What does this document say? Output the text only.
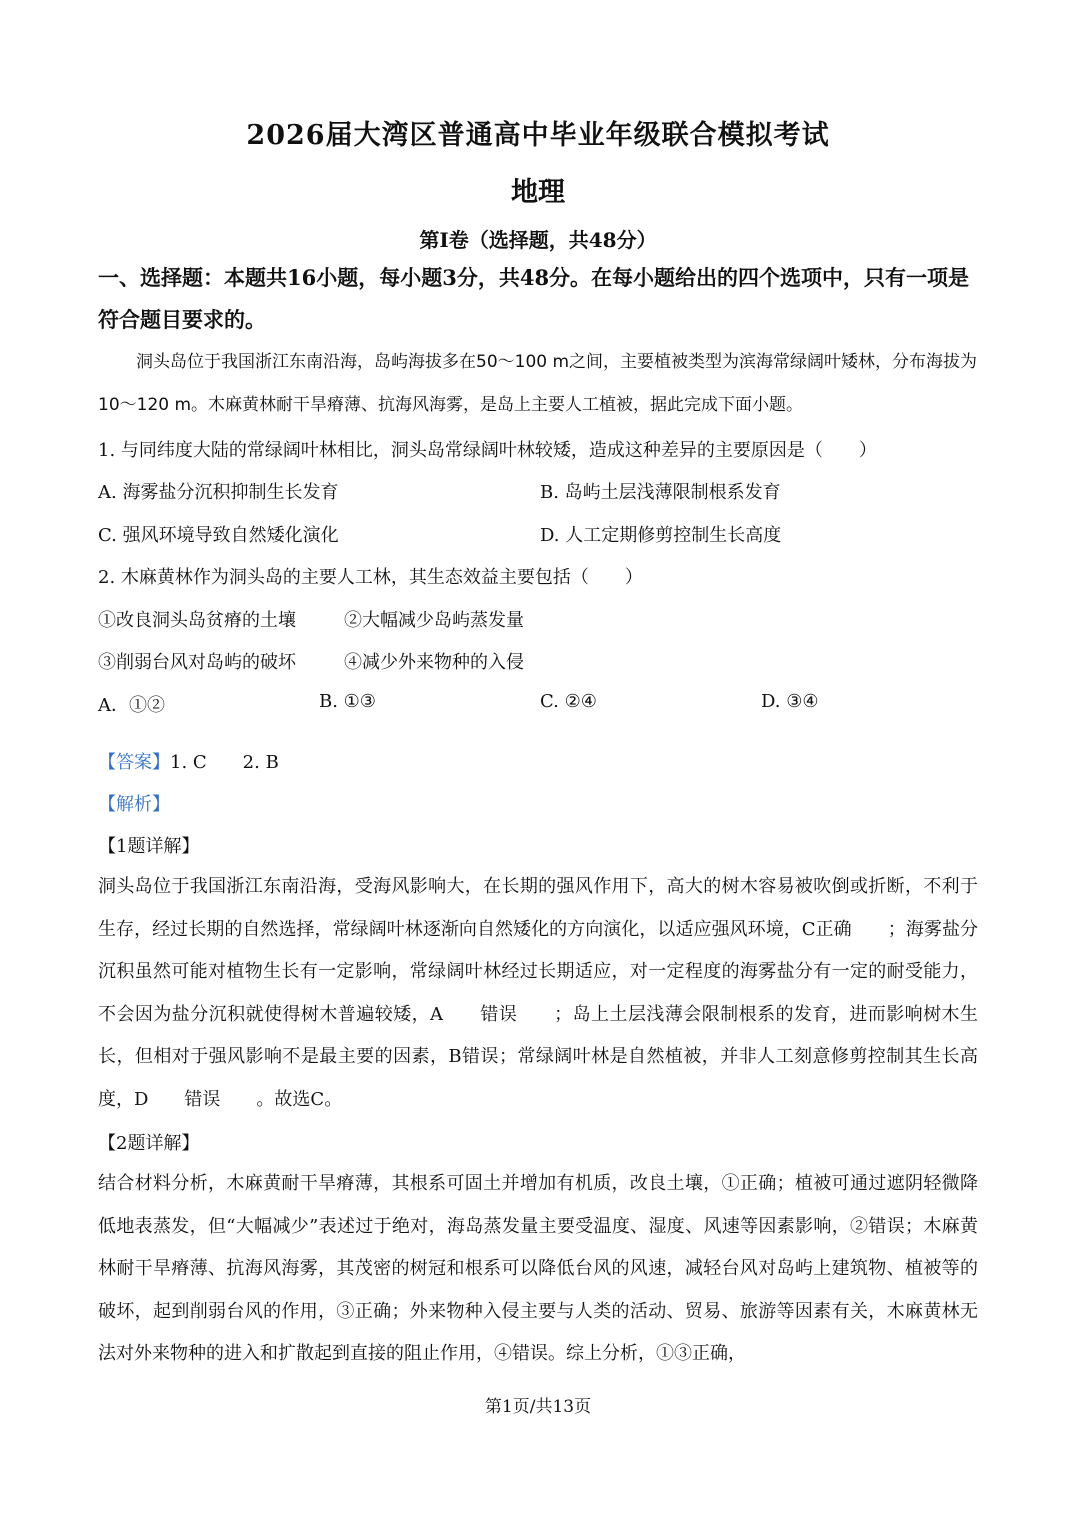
2026届大湾区普通高中毕业年级联合模拟考试
地理
第Ⅰ卷（选择题，共48分）
一、选择题：本题共16小题，每小题3分，共48分。在每小题给出的四个选项中，只有一项是符合题目要求的。
洞头岛位于我国浙江东南沿海，岛屿海拔多在50～100 m之间，主要植被类型为滨海常绿阔叶矮林，分布海拔为10～120 m。木麻黄林耐干旱瘠薄、抗海风海雾，是岛上主要人工植被，据此完成下面小题。
1. 与同纬度大陆的常绿阔叶林相比，洞头岛常绿阔叶林较矮，造成这种差异的主要原因是（　　）
A. 海雾盐分沉积抑制生长发育	B. 岛屿土层浅薄限制根系发育
C. 强风环境导致自然矮化演化	D. 人工定期修剪控制生长高度
2. 木麻黄林作为洞头岛的主要人工林，其生态效益主要包括（　　）
①改良洞头岛贫瘠的土壤	②大幅减少岛屿蒸发量
③削弱台风对岛屿的破坏	④减少外来物种的入侵
A．①②	B. ①③	C. ②④	D. ③④
【答案】1. C　　2. B
【解析】
【1题详解】
洞头岛位于我国浙江东南沿海，受海风影响大，在长期的强风作用下，高大的树木容易被吹倒或折断，不利于生存，经过长期的自然选择，常绿阔叶林逐渐向自然矮化的方向演化，以适应强风环境，C正确　　；海雾盐分沉积虽然可能对植物生长有一定影响，常绿阔叶林经过长期适应，对一定程度的海雾盐分有一定的耐受能力，不会因为盐分沉积就使得树木普遍较矮，A　　错误　　；岛上土层浅薄会限制根系的发育，进而影响树木生长，但相对于强风影响不是最主要的因素，B错误；常绿阔叶林是自然植被，并非人工刻意修剪控制其生长高度，D　　错误　　。故选C。
【2题详解】
结合材料分析，木麻黄耐干旱瘠薄，其根系可固土并增加有机质，改良土壤，①正确；植被可通过遮阴轻微降低地表蒸发，但“大幅减少”表述过于绝对，海岛蒸发量主要受温度、湿度、风速等因素影响，②错误；木麻黄林耐干旱瘠薄、抗海风海雾，其茂密的树冠和根系可以降低台风的风速，减轻台风对岛屿上建筑物、植被等的破坏，起到削弱台风的作用，③正确；外来物种入侵主要与人类的活动、贸易、旅游等因素有关，木麻黄林无法对外来物种的进入和扩散起到直接的阻止作用，④错误。综上分析，①③正确，
第1页/共13页
